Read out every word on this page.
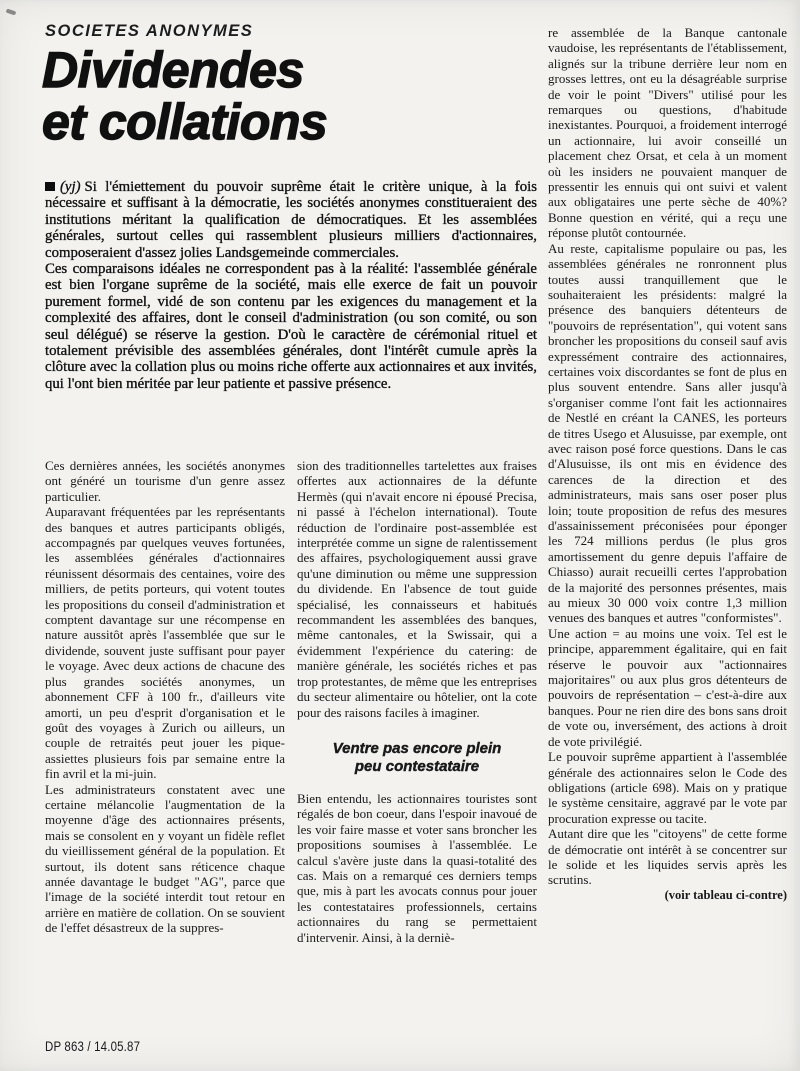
SOCIETES ANONYMES
Dividendes
et collations

(yj) Si l'émiettement du pouvoir suprême était le critère unique, à la fois nécessaire et suffisant à la démocratie, les sociétés anonymes constitueraient des institutions méritant la qualification de démocratiques. Et les assemblées générales, surtout celles qui rassemblent plusieurs milliers d'actionnaires, composeraient d'assez jolies Landsgemeinde commerciales.

Ces comparaisons idéales ne correspondent pas à la réalité: l'assemblée générale est bien l'organe suprême de la société, mais elle exerce de fait un pouvoir purement formel, vidé de son contenu par les exigences du management et la complexité des affaires, dont le conseil d'administration (ou son comité, ou son seul délégué) se réserve la gestion. D'où le caractère de cérémonial rituel et totalement prévisible des assemblées générales, dont l'intérêt cumule après la clôture avec la collation plus ou moins riche offerte aux actionnaires et aux invités, qui l'ont bien méritée par leur patiente et passive présence.

Ces dernières années, les sociétés anonymes ont généré un tourisme d'un genre assez particulier.

Auparavant fréquentées par les représentants des banques et autres participants obligés, accompagnés par quelques veuves fortunées, les assemblées générales d'actionnaires réunissent désormais des centaines, voire des milliers, de petits porteurs, qui votent toutes les propositions du conseil d'administration et comptent davantage sur une récompense en nature aussitôt après l'assemblée que sur le dividende, souvent juste suffisant pour payer le voyage. Avec deux actions de chacune des plus grandes sociétés anonymes, un abonnement CFF à 100 fr., d'ailleurs vite amorti, un peu d'esprit d'organisation et le goût des voyages à Zurich ou ailleurs, un couple de retraités peut jouer les pique-assiettes plusieurs fois par semaine entre la fin avril et la mi-juin.

Les administrateurs constatent avec une certaine mélancolie l'augmentation de la moyenne d'âge des actionnaires présents, mais se consolent en y voyant un fidèle reflet du vieillissement général de la population. Et surtout, ils dotent sans réticence chaque année davantage le budget "AG", parce que l'image de la société interdit tout retour en arrière en matière de collation. On se souvient de l'effet désastreux de la suppres-

sion des traditionnelles tartelettes aux fraises offertes aux actionnaires de la défunte Hermès (qui n'avait encore ni épousé Precisa, ni passé à l'échelon international). Toute réduction de l'ordinaire post-assemblée est interprétée comme un signe de ralentissement des affaires, psychologiquement aussi grave qu'une diminution ou même une suppression du dividende. En l'absence de tout guide spécialisé, les connaisseurs et habitués recommandent les assemblées des banques, même cantonales, et la Swissair, qui a évidemment l'expérience du catering: de manière générale, les sociétés riches et pas trop protestantes, de même que les entreprises du secteur alimentaire ou hôtelier, ont la cote pour des raisons faciles à imaginer.

Ventre pas encore plein
peu contestataire

Bien entendu, les actionnaires touristes sont régalés de bon coeur, dans l'espoir inavoué de les voir faire masse et voter sans broncher les propositions soumises à l'assemblée. Le calcul s'avère juste dans la quasi-totalité des cas. Mais on a remarqué ces derniers temps que, mis à part les avocats connus pour jouer les contestataires professionnels, certains actionnaires du rang se permettaient d'intervenir. Ainsi, à la derniè-

re assemblée de la Banque cantonale vaudoise, les représentants de l'établissement, alignés sur la tribune derrière leur nom en grosses lettres, ont eu la désagréable surprise de voir le point "Divers" utilisé pour les remarques ou questions, d'habitude inexistantes. Pourquoi, a froidement interrogé un actionnaire, lui avoir conseillé un placement chez Orsat, et cela à un moment où les insiders ne pouvaient manquer de pressentir les ennuis qui ont suivi et valent aux obligataires une perte sèche de 40%? Bonne question en vérité, qui a reçu une réponse plutôt contournée.

Au reste, capitalisme populaire ou pas, les assemblées générales ne ronronnent plus toutes aussi tranquillement que le souhaiteraient les présidents: malgré la présence des banquiers détenteurs de "pouvoirs de représentation", qui votent sans broncher les propositions du conseil sauf avis expressément contraire des actionnaires, certaines voix discordantes se font de plus en plus souvent entendre. Sans aller jusqu'à s'organiser comme l'ont fait les actionnaires de Nestlé en créant la CANES, les porteurs de titres Usego et Alusuisse, par exemple, ont avec raison posé force questions. Dans le cas d'Alusuisse, ils ont mis en évidence des carences de la direction et des administrateurs, mais sans oser poser plus loin; toute proposition de refus des mesures d'assainissement préconisées pour éponger les 724 millions perdus (le plus gros amortissement du genre depuis l'affaire de Chiasso) aurait recueilli certes l'approbation de la majorité des personnes présentes, mais au mieux 30 000 voix contre 1,3 million venues des banques et autres "conformistes".

Une action = au moins une voix. Tel est le principe, apparemment égalitaire, qui en fait réserve le pouvoir aux "actionnaires majoritaires" ou aux plus gros détenteurs de pouvoirs de représentation – c'est-à-dire aux banques. Pour ne rien dire des bons sans droit de vote ou, inversément, des actions à droit de vote privilégié.

Le pouvoir suprême appartient à l'assemblée générale des actionnaires selon le Code des obligations (article 698). Mais on y pratique le système censitaire, aggravé par le vote par procuration expresse ou tacite.

Autant dire que les "citoyens" de cette forme de démocratie ont intérêt à se concentrer sur le solide et les liquides servis après les scrutins.

(voir tableau ci-contre)

DP 863 / 14.05.87
